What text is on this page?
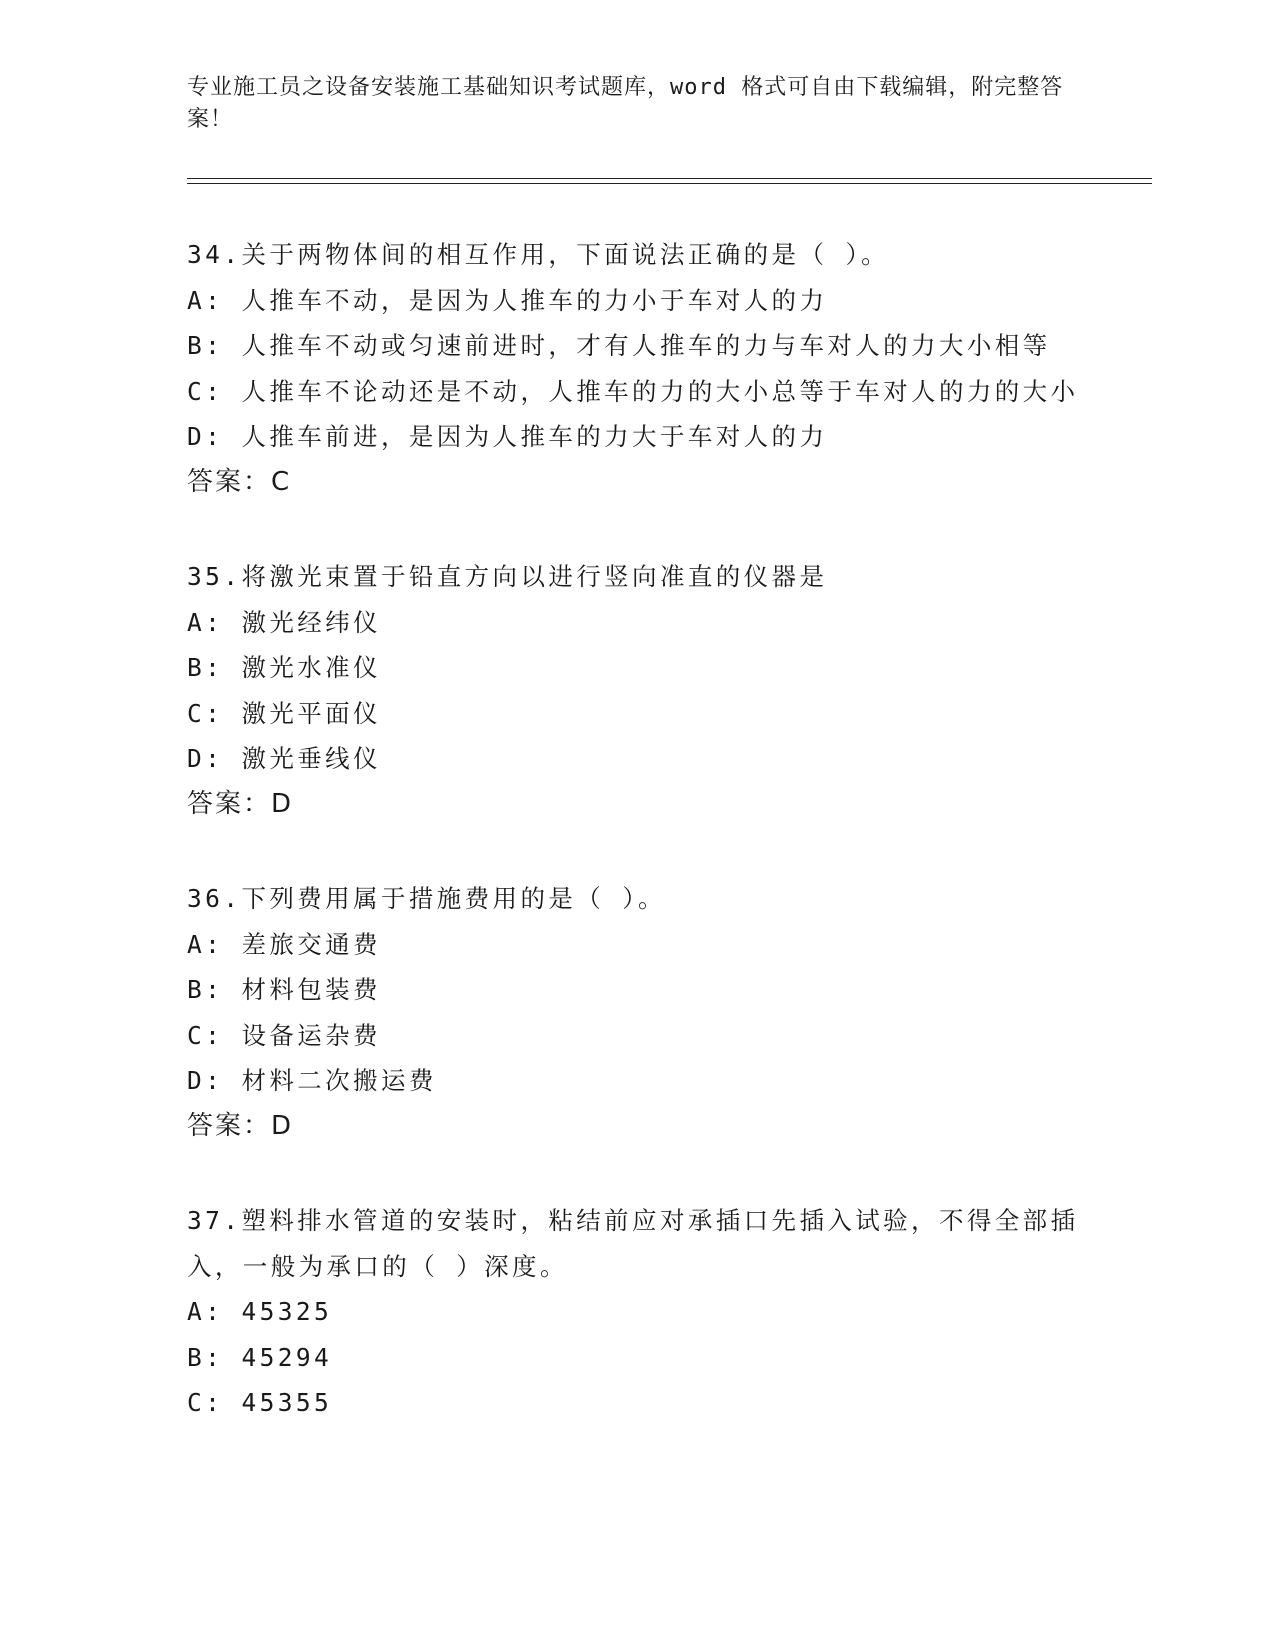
专业施工员之设备安装施工基础知识考试题库，word 格式可自由下载编辑，附完整答案！
34.关于两物体间的相互作用，下面说法正确的是（ ）。
A: 人推车不动，是因为人推车的力小于车对人的力
B: 人推车不动或匀速前进时，才有人推车的力与车对人的力大小相等
C: 人推车不论动还是不动，人推车的力的大小总等于车对人的力的大小
D: 人推车前进，是因为人推车的力大于车对人的力
答案：C
35.将激光束置于铅直方向以进行竖向准直的仪器是
A: 激光经纬仪
B: 激光水准仪
C: 激光平面仪
D: 激光垂线仪
答案：D
36.下列费用属于措施费用的是（ ）。
A: 差旅交通费
B: 材料包装费
C: 设备运杂费
D: 材料二次搬运费
答案：D
37.塑料排水管道的安装时，粘结前应对承插口先插入试验，不得全部插入，一般为承口的（ ）深度。
A: 45325
B: 45294
C: 45355
